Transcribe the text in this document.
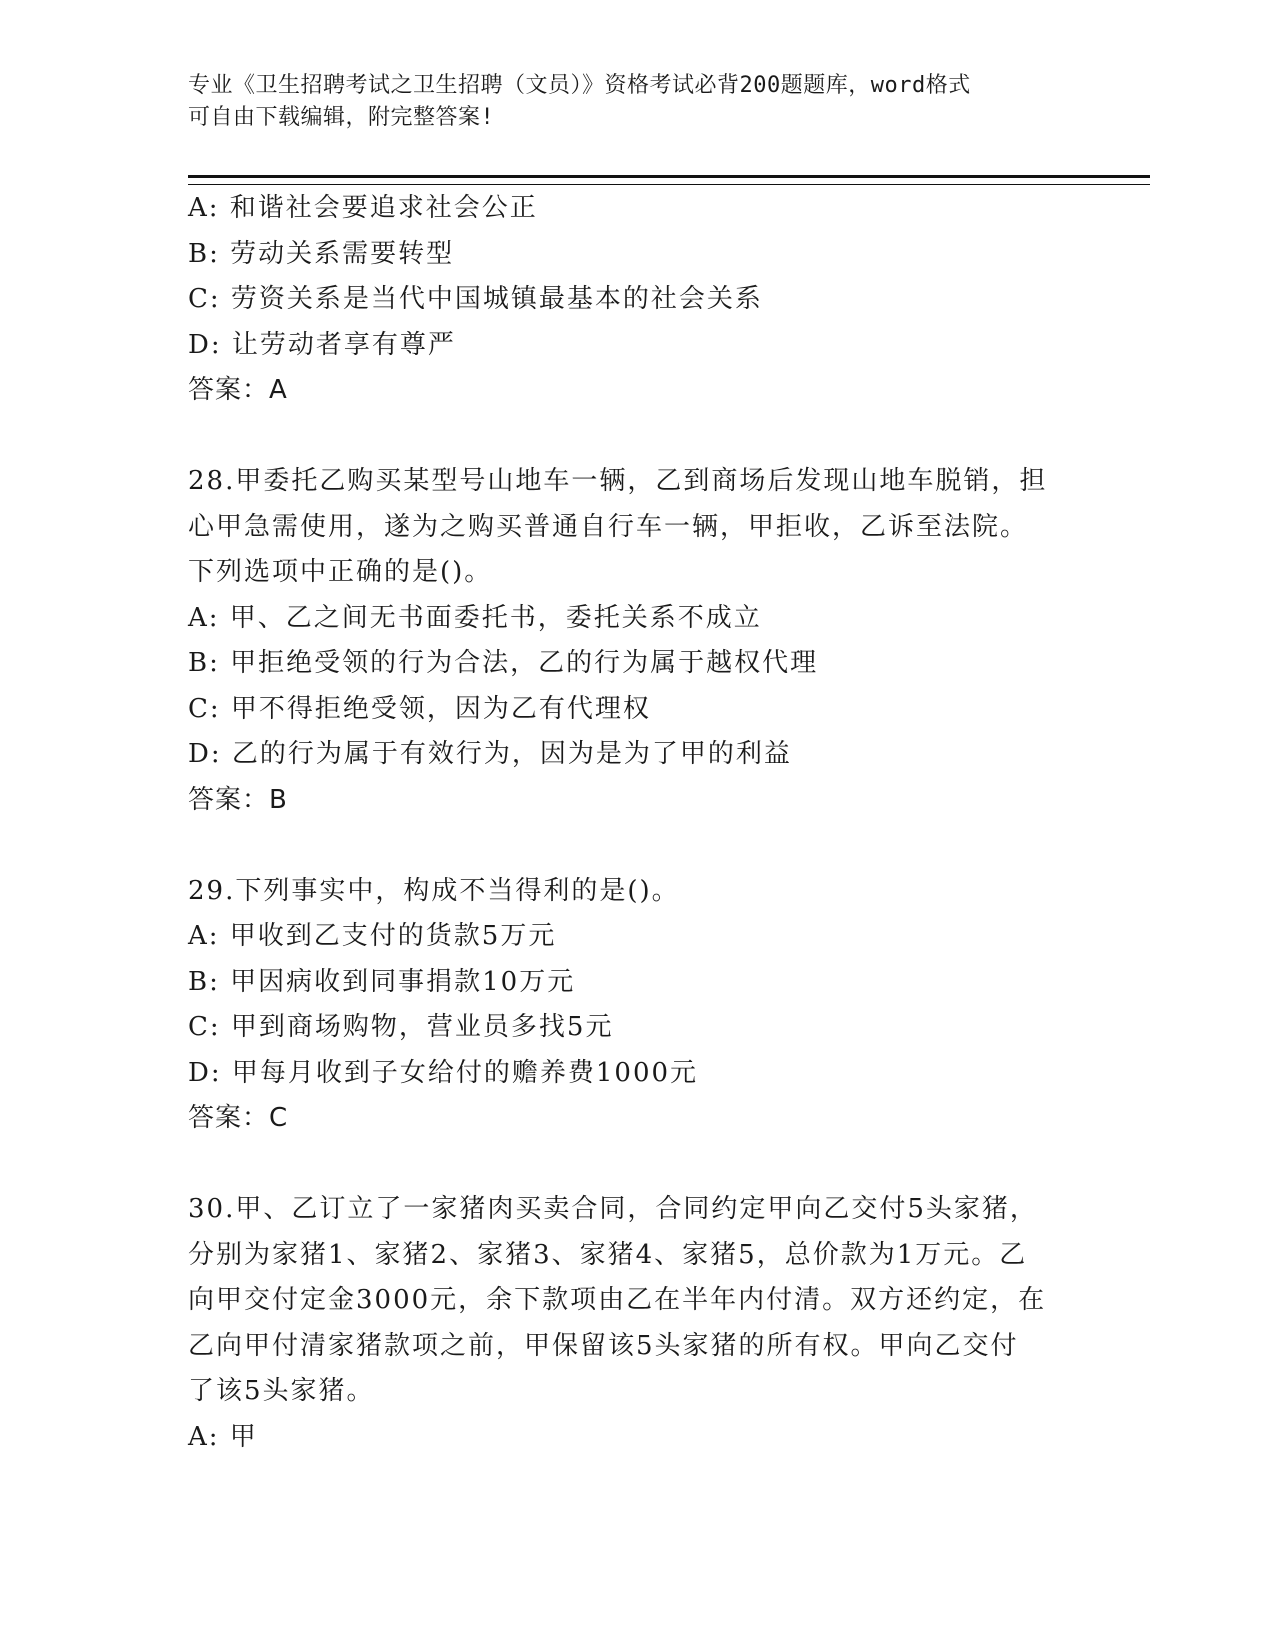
专业《卫生招聘考试之卫生招聘（文员）》资格考试必背200题题库，word格式
可自由下载编辑，附完整答案!
A: 和谐社会要追求社会公正
B: 劳动关系需要转型
C: 劳资关系是当代中国城镇最基本的社会关系
D: 让劳动者享有尊严
答案：A
28.甲委托乙购买某型号山地车一辆，乙到商场后发现山地车脱销，担
心甲急需使用，遂为之购买普通自行车一辆，甲拒收，乙诉至法院。
下列选项中正确的是()。
A: 甲、乙之间无书面委托书，委托关系不成立
B: 甲拒绝受领的行为合法，乙的行为属于越权代理
C: 甲不得拒绝受领，因为乙有代理权
D: 乙的行为属于有效行为，因为是为了甲的利益
答案：B
29.下列事实中，构成不当得利的是()。
A: 甲收到乙支付的货款5万元
B: 甲因病收到同事捐款10万元
C: 甲到商场购物，营业员多找5元
D: 甲每月收到子女给付的赡养费1000元
答案：C
30.甲、乙订立了一家猪肉买卖合同，合同约定甲向乙交付5头家猪，
分别为家猪1、家猪2、家猪3、家猪4、家猪5，总价款为1万元。乙
向甲交付定金3000元，余下款项由乙在半年内付清。双方还约定，在
乙向甲付清家猪款项之前，甲保留该5头家猪的所有权。甲向乙交付
了该5头家猪。
A: 甲
